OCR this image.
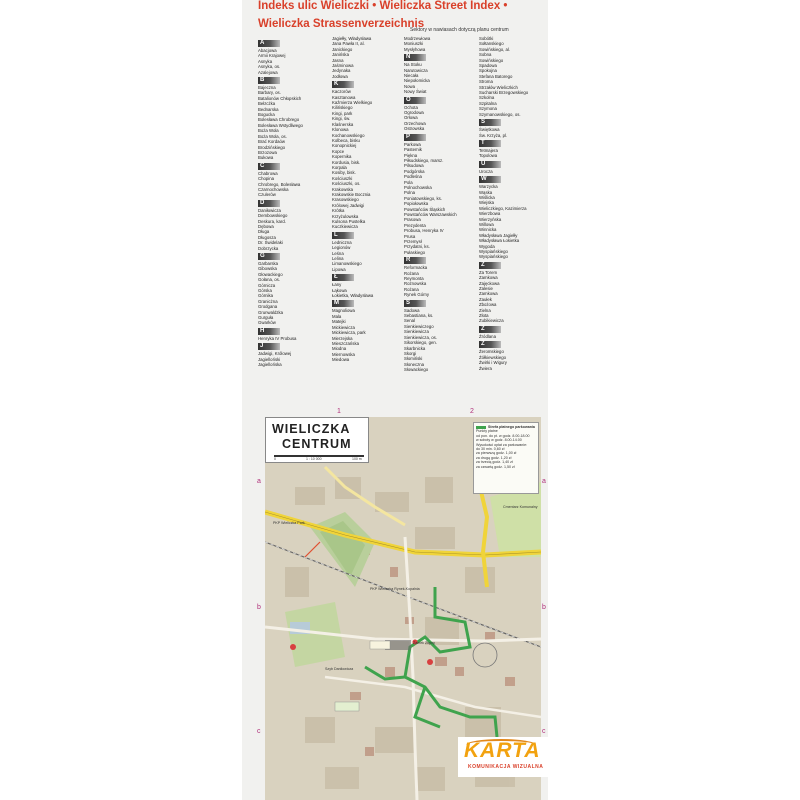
Indeks ulic Wieliczki • Wieliczka Street Index •
Wieliczka Strassenverzeichnis
Sektory w nawiasach dotyczą planu centrum
A
Abacjowa
Armii Krajowej
Asnyka
Asnyka, os.
Azalejowa
B
Bajeczna
Barbary, os.
Batalionów Chłopskich
Bełzcżka
Bednarska
Bogucka
Bolesława Chrobrego
Bolesława Wstydliwego
Boża Wola
Boża Wola, os.
Brać Kordaów
Brodzińskiego
Brzozowa
Bukowa
C
Chabrowa
Chopina
Chrobrego, Bolesława
Czarnochowska
Czulerów
D
Daniłowicza
Dembowskiego
Deskura, kard.
Dębowa
Długa
Długosza
Dr. Świdelaki
Dobrzycka
G
Garbarska
Gibowska
Głowackiego
Gołana, os.
Górnicza
Górska
Górnika
Granicżna
Grodgana
Grunwaldzka
Gurguła
Gwarków
H
Henryka IV Probusa
J
Jadwigi, Królowej
Jagielloński
Jagiellońska
Jagiełły, Władysława
Jana Pawła II, al.
Janickiego
Janińska
Jasna
Jaśminowa
Jedynaka
Jodłowa
K
Kaczorów
Kasztanowa
Kaźmierza Wielkiego
Kilińskiego
Kingi, park
Kingi, św.
Klaśnerska
Klonowa
Kochanowskiego
Kolbeca, bisku
Konopnickiej
Kopce
Kopernika
Kordusia, bisk.
Korpala
Kosiby, bisk.
Kościuszki
Kościuszki, os.
Krakowska
Krakowskie Bocznia
Krasowskiego
Królowej Jadwigi
Krótka
Krzyżulowska
Kulsona Pustelka
Kuczkiewicza
L
Ledniczna
Legionów
Leśna
Lelina
Limanowskiego
Lipowa
Ł
Łany
Łąkowa
Łokietka, Władysława
M
Magnoliowa
Mala
Matejki
Mickiewicza
Mickiewicza, park
Mierzejska
Mieszczańska
Miodna
Miernowska
Miedowa
Modrzewiowa
Moniuszki
Mysłyhowa
N
Na Stoku
Narutowicza
Niecała
Niepołomicka
Nowa
Nowy Świat
O
Ochota
Ogrodowa
Orłowa
Orzechowa
Ostrowska
P
Parkowa
Pasternik
Piękna
Piłsudskiego, marsz.
Pilsudowa
Podgórska
Podleśna
Pola
Polnochowska
Polna
Poniatowskiego, ks.
Popiołowska
Powstańców Śląskich
Powstańców Warszawskich
Prasowa
Prezydenta
Probusa, Henryka IV
Prusa
Przemysł
Przydatni, ks.
Pułaskiego
R
Reformacka
Rożana
Reymonta
Rożnowska
Rożana
Rynek Górny
S
Sadowa
Sebastiana, ks.
Senal
Sienkiewiczego
Sienkiewicza
Sienkiewicza, os.
Sikorskiego, gen.
Skarbnicka
Skorgi
Słomiński
Słoneczna
Słowackiego
Sobótki
Sołtanskiego
Sowińskiego, al.
Sobna
Sowińskiego
Spadowa
Spokojna
Stefana Batorego
Stroma
Strzałów Wieliczkich
Sucharski Brzegowskiego
Szkolna
Szpitalna
Szymona
Szymanowskiego, os.
S
Świętkowa
Św. Krzyża, pl.
T
Tetmajera
Topolowa
U
Urocza
W
Warzycka
Wąska
Wiślicka
Wiejska
Wieliczkiego, Kazimierza
Wierzbowa
Wierzyńska
Willowa
Winnicka
Władysława Jagiełły
Władysława Łokietka
Wygoda
Wyspiańskiego
Wyspiańskiego
Z
Za Torem
Zamkowa
Zajęckowa
Zalesie
Zamkowa
Zaułek
Zbożowa
Zielna
Złota
Zubikiewicza
Ź
Źródlana
Ż
Żeromskiego
Żółkiewskiego
Żwirki i Wigury
Żwiera
1	2
a
b
c
a
b
c
PKP Wieliczka Park
PKP Wieliczka Rynek-Kopalnia
Zamek Żupny
Szyb Danilowicza
Cmentarz Komunalny
WIELICZKA
CENTRUM
0	1 : 10 000	100 m
Strefa płatnego parkowania
Punkty płatne
od pon. do pt. w godz. 8.00-18.00
w soboty w godz. 8.00-14.00
Wysokości opłat za parkowanie:
do 30 min. 0,60 zł
za pierwszą godz. 1,00 zł
za drugą godz. 1,20 zł
za trzecią godz. 1,40 zł
za czwartą godz. 1,50 zł
KARTA
KOMUNIKACJA WIZUALNA
